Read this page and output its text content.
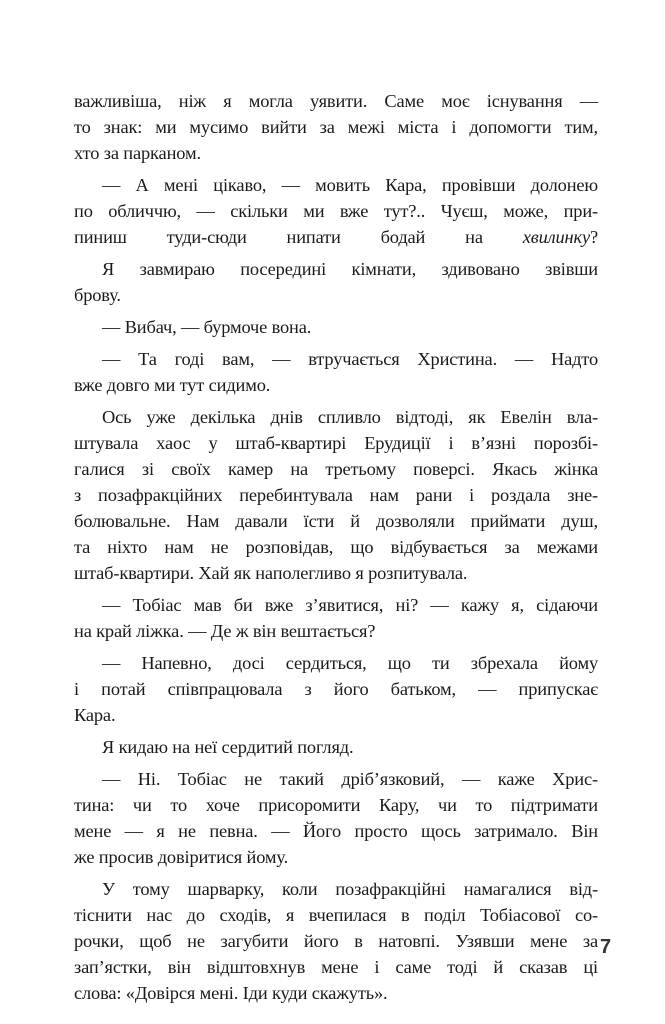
важливіша, ніж я могла уявити. Саме моє існування —
то знак: ми мусимо вийти за межі міста і допомогти тим,
хто за парканом.

— А мені цікаво, — мовить Кара, провівши долонею
по обличчю, — скільки ми вже тут?.. Чуєш, може, при-
пиниш туди-сюди нипати бодай на хвилинку?

Я завмираю посередині кімнати, здивовано звівши
брову.

— Вибач, — бурмоче вона.

— Та годі вам, — втручається Христина. — Надто
вже довго ми тут сидимо.

Ось уже декілька днів спливло відтоді, як Евелін вла-
штувала хаос у штаб-квартирі Ерудиції і в’язні порозбі-
галися зі своїх камер на третьому поверсі. Якась жінка
з позафракційних перебинтувала нам рани і роздала зне-
болювальне. Нам давали їсти й дозволяли приймати душ,
та ніхто нам не розповідав, що відбувається за межами
штаб-квартири. Хай як наполегливо я розпитувала.

— Тобіас мав би вже з’явитися, ні? — кажу я, сідаючи
на край ліжка. — Де ж він вештається?

— Напевно, досі сердиться, що ти збрехала йому
і потай співпрацювала з його батьком, — припускає
Кара.

Я кидаю на неї сердитий погляд.

— Ні. Тобіас не такий дріб’язковий, — каже Хрис-
тина: чи то хоче присоромити Кару, чи то підтримати
мене — я не певна. — Його просто щось затримало. Він
же просив довіритися йому.

У тому шарварку, коли позафракційні намагалися від-
тіснити нас до сходів, я вчепилася в поділ Тобіасової со-
рочки, щоб не загубити його в натовпі. Узявши мене за
зап’ястки, він відштовхнув мене і саме тоді й сказав ці
слова: «Довірся мені. Іди куди скажуть».

7
